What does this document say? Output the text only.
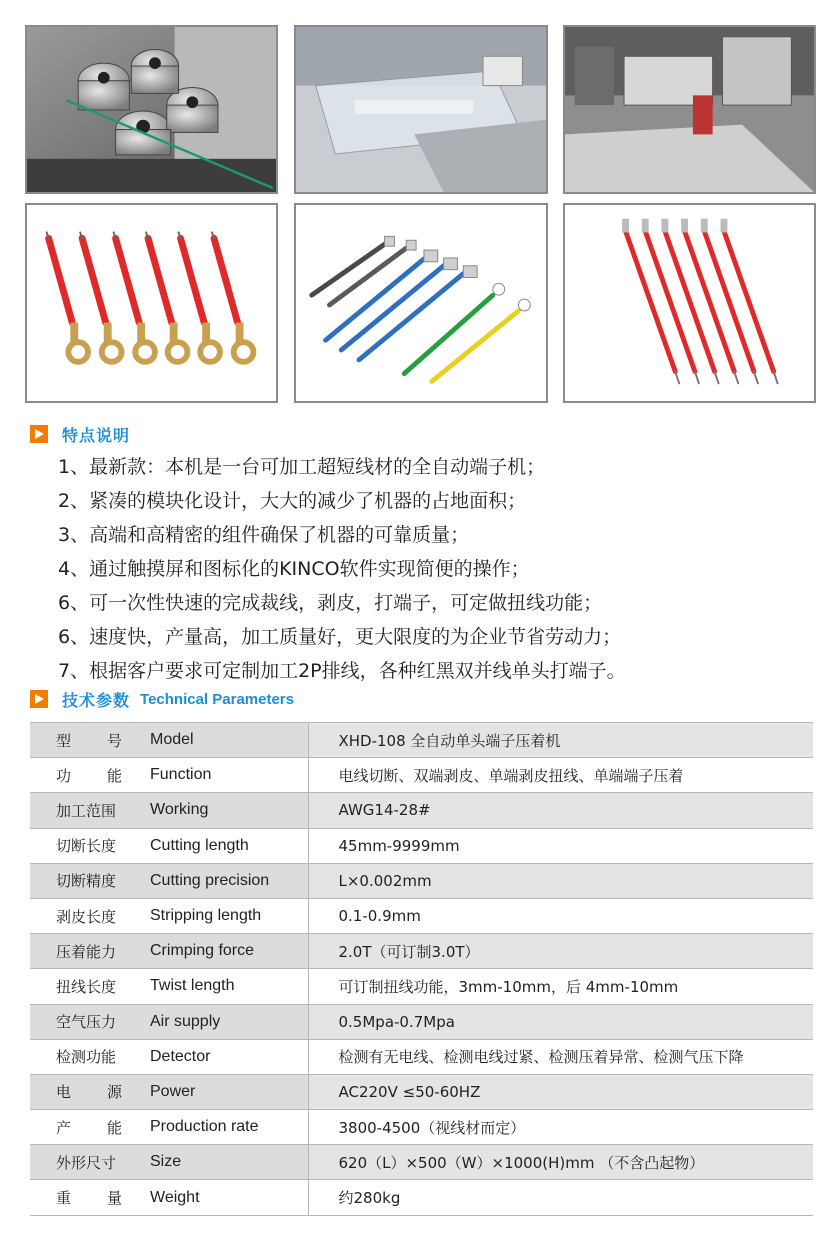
特点说明
1、最新款：本机是一台可加工超短线材的全自动端子机；
2、紧凑的模块化设计，大大的减少了机器的占地面积；
3、高端和高精密的组件确保了机器的可靠质量；
4、通过触摸屏和图标化的KINCO软件实现简便的操作；
6、可一次性快速的完成裁线，剥皮，打端子，可定做扭线功能；
6、速度快，产量高，加工质量好，更大限度的为企业节省劳动力；
7、根据客户要求可定制加工2P排线，各种红黑双并线单头打端子。
技术参数 Technical Parameters
型 号	Model	XHD-108 全自动单头端子压着机

功 能	Function	电线切断、双端剥皮、单端剥皮扭线、单端端子压着
加工范围	Working	AWG14-28#
切断长度	Cutting length	45mm-9999mm
切断精度	Cutting precision	L×0.002mm
剥皮长度	Stripping length	0.1-0.9mm
压着能力	Crimping force	2.0T（可订制3.0T）
扭线长度	Twist length	可订制扭线功能，3mm-10mm，后 4mm-10mm
空气压力	Air supply	0.5Mpa-0.7Mpa
检测功能	Detector	检测有无电线、检测电线过紧、检测压着异常、检测气压下降

电 源	Power	AC220V ≤50-60HZ

产 能	Production rate	3800-4500（视线材而定）
外形尺寸	Size	620（L）×500（W）×1000(H)mm （不含凸起物）

重 量	Weight	约280kg
